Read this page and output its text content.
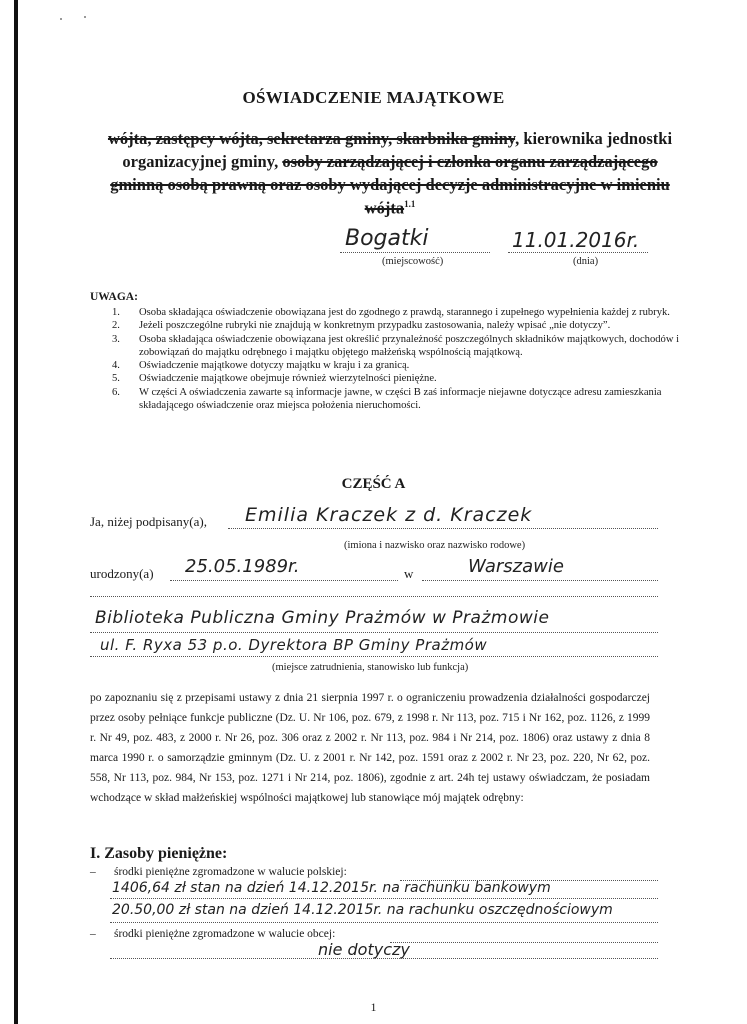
OŚWIADCZENIE MAJĄTKOWE
wójta, zastępcy wójta, sekretarza gminy, skarbnika gminy, kierownika jednostki
organizacyjnej gminy, osoby zarządzającej i członka organu zarządzającego
gminną osobą prawną oraz osoby wydającej decyzje administracyjne w imieniu
wójta$^{1.1}$
Bogatki
(miejscowość)
11.01.2016r.
(dnia)
UWAGA:
1. Osoba składająca oświadczenie obowiązana jest do zgodnego z prawdą, starannego i zupełnego wypełnienia każdej z rubryk.
2. Jeżeli poszczególne rubryki nie znajdują w konkretnym przypadku zastosowania, należy wpisać „nie dotyczy”.
3. Osoba składająca oświadczenie obowiązana jest określić przynależność poszczególnych składników majątkowych, dochodów i zobowiązań do majątku odrębnego i majątku objętego małżeńską wspólnością majątkową.
4. Oświadczenie majątkowe dotyczy majątku w kraju i za granicą.
5. Oświadczenie majątkowe obejmuje również wierzytelności pieniężne.
6. W części A oświadczenia zawarte są informacje jawne, w części B zaś informacje niejawne dotyczące adresu zamieszkania składającego oświadczenie oraz miejsca położenia nieruchomości.
CZĘŚĆ A
Ja, niżej podpisany(a), Emilia Kraczek z d. Kraczek
(imiona i nazwisko oraz nazwisko rodowe)
urodzony(a) 25.05.1989r.	w	Warszawie
Biblioteka Publiczna Gminy Prażmów w Prażmowie
ul. F. Ryxa 53 p.o. Dyrektora BP Gminy Prażmów
(miejsce zatrudnienia, stanowisko lub funkcja)
po zapoznaniu się z przepisami ustawy z dnia 21 sierpnia 1997 r. o ograniczeniu prowadzenia działalności gospodarczej przez osoby pełniące funkcje publiczne (Dz. U. Nr 106, poz. 679, z 1998 r. Nr 113, poz. 715 i Nr 162, poz. 1126, z 1999 r. Nr 49, poz. 483, z 2000 r. Nr 26, poz. 306 oraz z 2002 r. Nr 113, poz. 984 i Nr 214, poz. 1806) oraz ustawy z dnia 8 marca 1990 r. o samorządzie gminnym (Dz. U. z 2001 r. Nr 142, poz. 1591 oraz z 2002 r. Nr 23, poz. 220, Nr 62, poz. 558, Nr 113, poz. 984, Nr 153, poz. 1271 i Nr 214, poz. 1806), zgodnie z art. 24h tej ustawy oświadczam, że posiadam wchodzące w skład małżeńskiej wspólności majątkowej lub stanowiące mój majątek odrębny:
I. Zasoby pieniężne:
– środki pieniężne zgromadzone w walucie polskiej:
1406,64 zł stan na dzień 14.12.2015r. na rachunku bankowym
20.50,00 zł stan na dzień 14.12.2015r. na rachunku oszczędnościowym
– środki pieniężne zgromadzone w walucie obcej:
nie dotyczy
1
